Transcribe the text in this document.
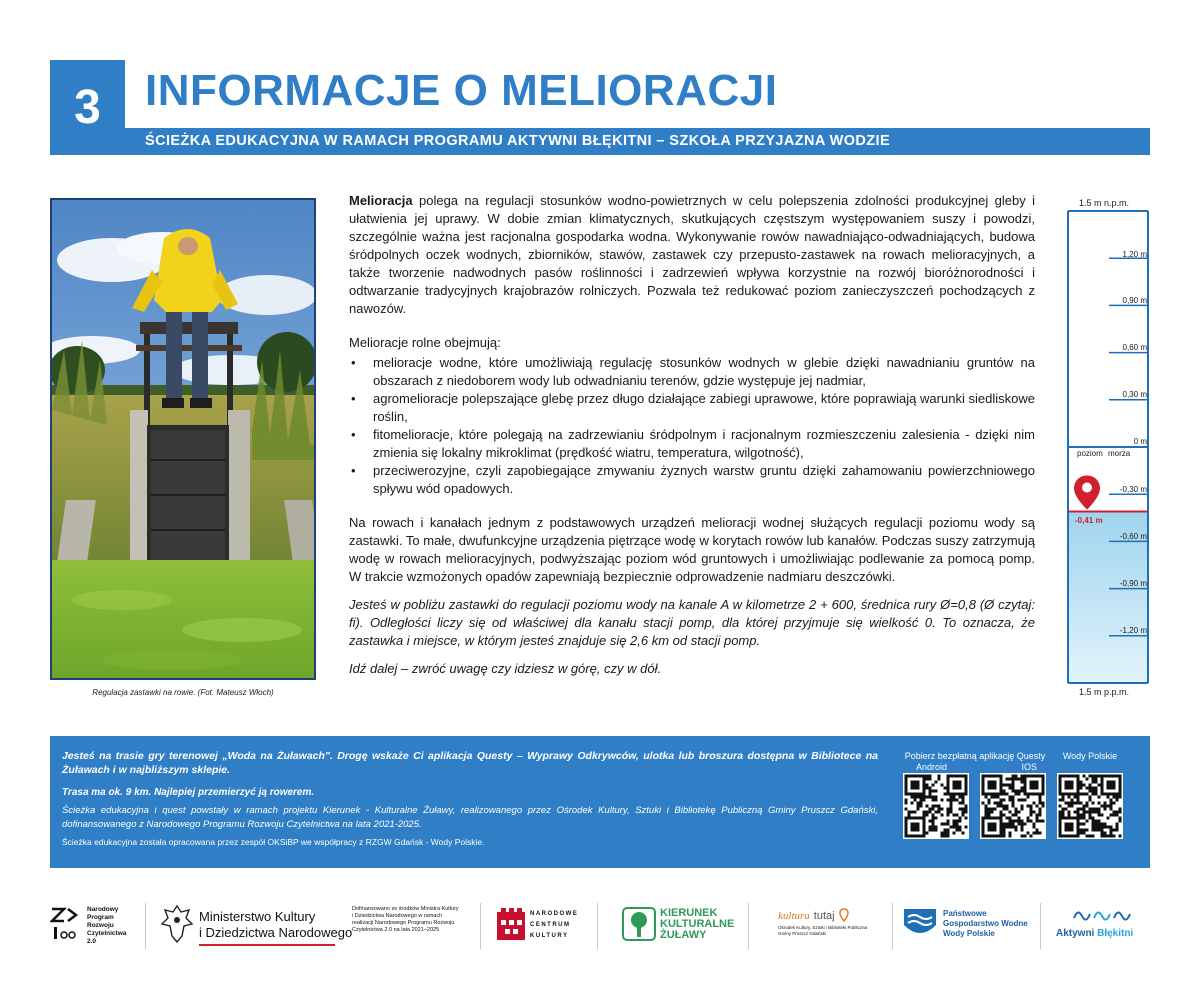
3	INFORMACJE O MELIORACJI
ŚCIEŻKA EDUKACYJNA W RAMACH PROGRAMU AKTYWNI BŁĘKITNI – SZKOŁA PRZYJAZNA WODZIE
Regulacja zastawki na rowie. (Fot. Mateusz Włoch)

Melioracja polega na regulacji stosunków wodno-powietrznych w celu polepszenia zdolności produkcyjnej gleby i ułatwienia jej uprawy. W dobie zmian klimatycznych, skutkujących częstszym występowaniem suszy i powodzi, szczególnie ważna jest racjonalna gospodarka wodna. Wykonywanie rowów nawadniająco-odwadniających, budowa śródpolnych oczek wodnych, zbiorników, stawów, zastawek czy przepusto-zastawek na rowach melioracyjnych, a także tworzenie nadwodnych pasów roślinności i zadrzewień wpływa korzystnie na rozwój bioróżnorodności i odtwarzanie tradycyjnych krajobrazów rolniczych. Pozwala też redukować poziom zanieczyszczeń pochodzących z nawozów.

Melioracje rolne obejmują:

• melioracje wodne, które umożliwiają regulację stosunków wodnych w glebie dzięki nawadnianiu gruntów na obszarach z niedoborem wody lub odwadnianiu terenów, gdzie występuje jej nadmiar,
• agromelioracje polepszające glebę przez długo działające zabiegi uprawowe, które poprawiają warunki siedliskowe roślin,
• fitomelioracje, które polegają na zadrzewianiu śródpolnym i racjonalnym rozmieszczeniu zalesienia - dzięki nim zmienia się lokalny mikroklimat (prędkość wiatru, temperatura, wilgotność),
• przeciwerozyjne, czyli zapobiegające zmywaniu żyznych warstw gruntu dzięki zahamowaniu powierzchniowego spływu wód opadowych.

Na rowach i kanałach jednym z podstawowych urządzeń melioracji wodnej służących regulacji poziomu wody są zastawki. To małe, dwufunkcyjne urządzenia piętrzące wodę w korytach rowów lub kanałów. Podczas suszy zatrzymują wodę w rowach melioracyjnych, podwyższając poziom wód gruntowych i umożliwiając podlewanie za pomocą pomp. W trakcie wzmożonych opadów zapewniają bezpiecznie odprowadzenie nadmiaru deszczówki.

Jesteś w pobliżu zastawki do regulacji poziomu wody na kanale A w kilometrze 2 + 600, średnica rury Ø=0,8 (Ø czytaj: fi). Odległości liczy się od właściwej dla kanału stacji pomp, dla której przyjmuje się wielkość 0. To oznacza, że zastawka i miejsce, w którym jesteś znajduje się 2,6 km od stacji pomp.

Idź dalej – zwróć uwagę czy idziesz w górę, czy w dół.

1.5 m n.p.m.
1.5 m p.p.m.
poziom morza
-0,41 m
1,20 m
0,90 m
0,60 m
0,30 m
0 m
-0,30 m
-0,60 m
-0,90 m
-1,20 m

Jesteś na trasie gry terenowej „Woda na Żuławach". Drogę wskaże Ci aplikacja Questy – Wyprawy Odkrywców, ulotka lub broszura dostępna w Bibliotece na Żuławach i w najbliższym sklepie.

Trasa ma ok. 9 km. Najlepiej przemierzyć ją rowerem.

Ścieżka edukacyjna i quest powstały w ramach projektu Kierunek - Kulturalne Żuławy, realizowanego przez Ośrodek Kultury, Sztuki i Bibliotekę Publiczną Gminy Pruszcz Gdański, dofinansowanego z Narodowego Programu Rozwoju Czytelnictwa na lata 2021-2025.

Ścieżka edukacyjna została opracowana przez zespół OKSiBP we współpracy z RZGW Gdańsk - Wody Polskie.

Pobierz bezpłatną aplikację Questy
Android	IOS
Wody Polskie
Narodowy
Program
Rozwoju
Czytelnictwa
2.0
Ministerstwo Kultury
i Dziedzictwa Narodowego
Dofinansowano ze środków Ministra Kultury
i Dziedzictwa Narodowego w ramach
realizacji Narodowego Programu Rozwoju
Czytelnictwa 2.0 na lata 2021–2025
NARODOWE
CENTRUM
KULTURY
KIERUNEK
KULTURALNE
ŻUŁAWY
kultura tutaj
Ośrodek Kultury, Sztuki i Biblioteki Publiczna
Gminy Pruszcz Gdański
Państwowe
Gospodarstwo Wodne
Wody Polskie	Aktywni Błękitni
